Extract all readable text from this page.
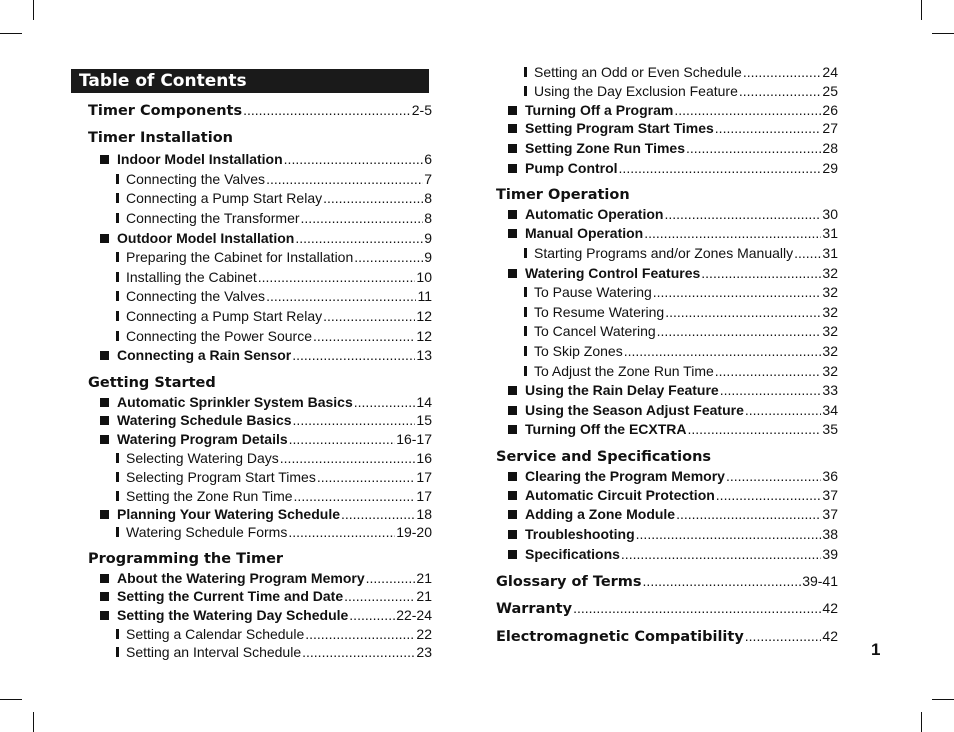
Table of Contents
Timer Components .....	2-5
Timer Installation
Indoor Model Installation .....	6
Connecting the Valves .....	7
Connecting a Pump Start Relay .....	8
Connecting the Transformer .....	8
Outdoor Model Installation .....	9
Preparing the Cabinet for Installation .....	9
Installing the Cabinet .....	10
Connecting the Valves .....	11
Connecting a Pump Start Relay .....	12
Connecting the Power Source .....	12
Connecting a Rain Sensor .....	13
Getting Started
Automatic Sprinkler System Basics .....	14
Watering Schedule Basics .....	15
Watering Program Details .....	16-17
Selecting Watering Days .....	16
Selecting Program Start Times .....	17
Setting the Zone Run Time .....	17
Planning Your Watering Schedule .....	18
Watering Schedule Forms .....	19-20
Programming the Timer
About the Watering Program Memory .....	21
Setting the Current Time and Date .....	21
Setting the Watering Day Schedule .....	22-24
Setting a Calendar Schedule .....	22
Setting an Interval Schedule .....	23
Setting an Odd or Even Schedule .....	24
Using the Day Exclusion Feature .....	25
Turning Off a Program .....	26
Setting Program Start Times .....	27
Setting Zone Run Times .....	28
Pump Control .....	29
Timer Operation
Automatic Operation .....	30
Manual Operation .....	31
Starting Programs and/or Zones Manually ..... 31
Watering Control Features .....	32
To Pause Watering .....	32
To Resume Watering .....	32
To Cancel Watering .....	32
To Skip Zones .....	32
To Adjust the Zone Run Time .....	32
Using the Rain Delay Feature .....	33
Using the Season Adjust Feature .....	34
Turning Off the ECXTRA .....	35
Service and Specifications
Clearing the Program Memory .....	36
Automatic Circuit Protection .....	37
Adding a Zone Module .....	37
Troubleshooting .....	38
Specifications .....	39
Glossary of Terms .....	39-41
Warranty .....	42
Electromagnetic Compatibility .....	42
1
